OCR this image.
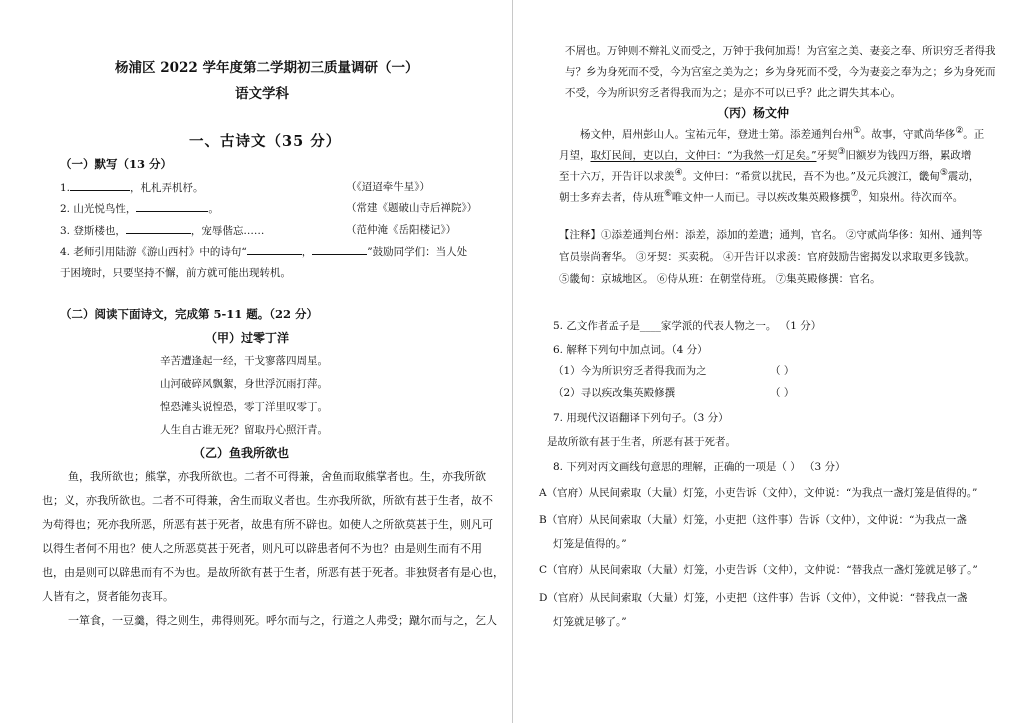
杨浦区 2022 学年度第二学期初三质量调研（一）
语文学科
一、古诗文（35 分）
（一）默写（13 分）
1.	，札札弄机杼。	（《迢迢牵牛星》）
2. 山光悦鸟性，	。	（常建《题破山寺后禅院》）
3. 登斯楼也，	，宠辱偕忘……	（范仲淹《岳阳楼记》）
4. 老师引用陆游《游山西村》中的诗句“	，	”鼓励同学们：当人处
于困境时，只要坚持不懈，前方就可能出现转机。
（二）阅读下面诗文，完成第 5-11 题。（22 分）
（甲）过零丁洋
辛苦遭逢起一经，干戈寥落四周星。
山河破碎风飘絮，身世浮沉雨打萍。
惶恐滩头说惶恐，零丁洋里叹零丁。
人生自古谁无死？留取丹心照汗青。
（乙）鱼我所欲也
鱼，我所欲也；熊掌，亦我所欲也。二者不可得兼，舍鱼而取熊掌者也。生，亦我所欲
也；义，亦我所欲也。二者不可得兼，舍生而取义者也。生亦我所欲，所欲有甚于生者，故不
为苟得也；死亦我所恶，所恶有甚于死者，故患有所不辟也。如使人之所欲莫甚于生，则凡可
以得生者何不用也？使人之所恶莫甚于死者，则凡可以辟患者何不为也？由是则生而有不用
也，由是则可以辟患而有不为也。是故所欲有甚于生者，所恶有甚于死者。非独贤者有是心也，
人皆有之，贤者能勿丧耳。
一箪食，一豆羹，得之则生，弗得则死。呼尔而与之，行道之人弗受；蹴尔而与之，乞人
不屑也。万钟则不辩礼义而受之，万钟于我何加焉！为宫室之美、妻妾之奉、所识穷乏者得我
与？乡为身死而不受，今为宫室之美为之；乡为身死而不受，今为妻妾之奉为之；乡为身死而
不受，今为所识穷乏者得我而为之；是亦不可以已乎？此之谓失其本心。
（丙）杨文仲
杨文仲，眉州彭山人。宝祐元年，登进士第。添差通判台州①。故事，守贰尚华侈②。正
月望，取灯民间，吏以白，文仲曰：“为我然一灯足矣。”牙契③旧额岁为钱四万缗，累政增
至十六万，开告讦以求羡④。文仲曰：“希赏以扰民，吾不为也。”及元兵渡江，畿甸⑤震动，
朝士多弃去者，侍从班⑥唯文仲一人而已。寻以疾改集英殿修撰⑦，知泉州。待次而卒。
【注释】①添差通判台州：添差，添加的差遣；通判，官名。 ②守贰尚华侈：知州、通判等
官员崇尚奢华。 ③牙契：买卖税。 ④开告讦以求羡：官府鼓励告密揭发以求取更多钱款。
⑤畿甸：京城地区。 ⑥侍从班：在朝堂侍班。 ⑦集英殿修撰：官名。
5. 乙文作者孟子是____家学派的代表人物之一。 （1 分）
6. 解释下列句中加点词。（4 分）
（1）今为所识穷乏者得我而为之	（ ）
（2）寻以疾改集英殿修撰	（ ）
7. 用现代汉语翻译下列句子。（3 分）
是故所欲有甚于生者，所恶有甚于死者。
8. 下列对丙文画线句意思的理解，正确的一项是（ ） （3 分）
A（官府）从民间索取（大量）灯笼，小吏告诉（文仲），文仲说：“为我点一盏灯笼是值得的。”
B（官府）从民间索取（大量）灯笼，小吏把（这件事）告诉（文仲），文仲说：“为我点一盏
灯笼是值得的。”
C（官府）从民间索取（大量）灯笼，小吏告诉（文仲），文仲说：“替我点一盏灯笼就足够了。”
D（官府）从民间索取（大量）灯笼，小吏把（这件事）告诉（文仲），文仲说：“替我点一盏
灯笼就足够了。”
